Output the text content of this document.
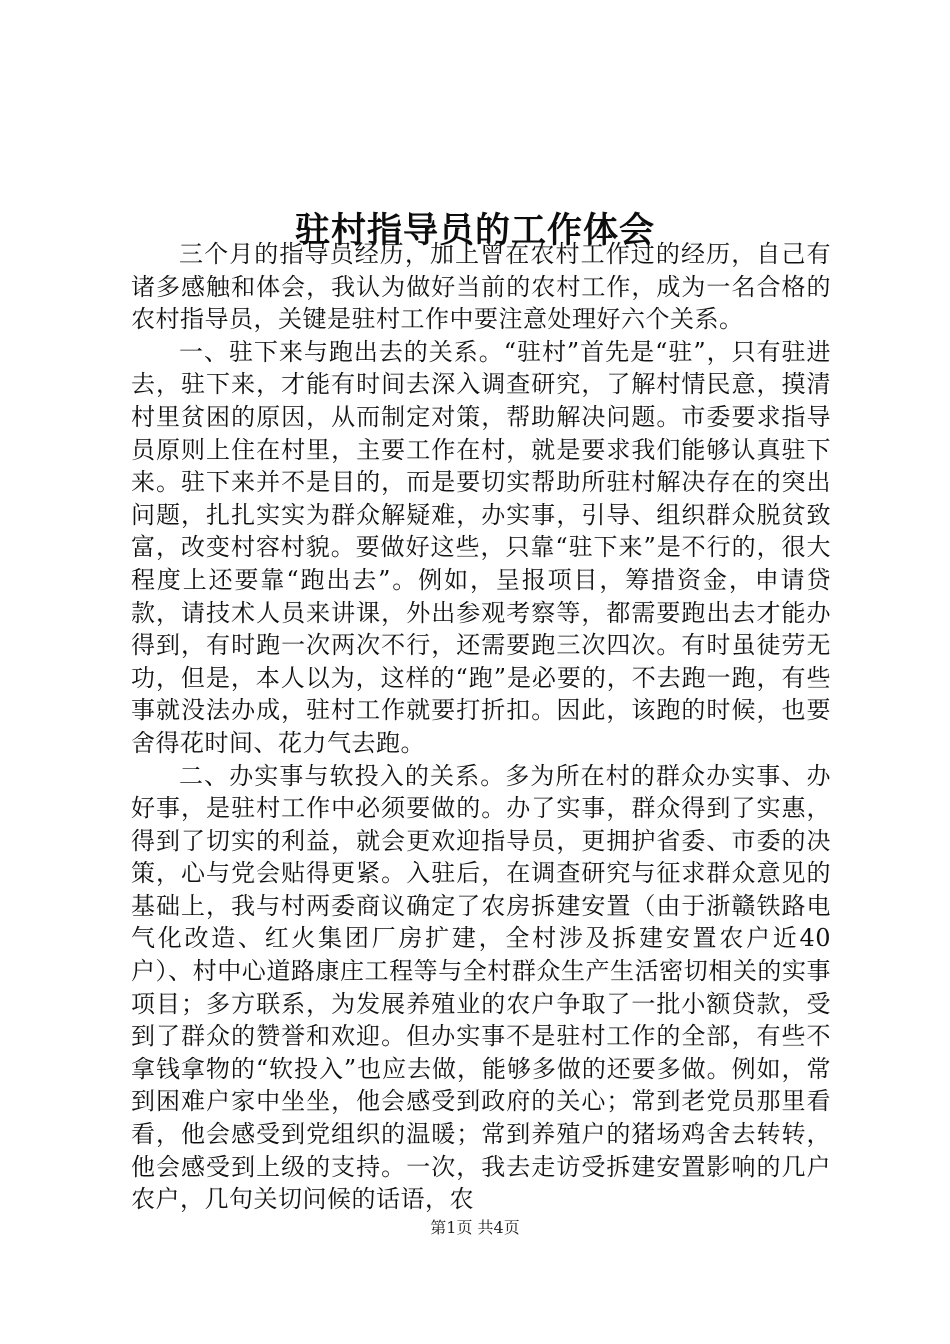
驻村指导员的工作体会

三个月的指导员经历，加上曾在农村工作过的经历，自己有诸多感触和体会，我认为做好当前的农村工作，成为一名合格的农村指导员，关键是驻村工作中要注意处理好六个关系。

一、驻下来与跑出去的关系。“驻村”首先是“驻”，只有驻进去，驻下来，才能有时间去深入调查研究，了解村情民意，摸清村里贫困的原因，从而制定对策，帮助解决问题。市委要求指导员原则上住在村里，主要工作在村，就是要求我们能够认真驻下来。驻下来并不是目的，而是要切实帮助所驻村解决存在的突出问题，扎扎实实为群众解疑难，办实事，引导、组织群众脱贫致富，改变村容村貌。要做好这些，只靠“驻下来”是不行的，很大程度上还要靠“跑出去”。例如，呈报项目，筹措资金，申请贷款，请技术人员来讲课，外出参观考察等，都需要跑出去才能办得到，有时跑一次两次不行，还需要跑三次四次。有时虽徒劳无功，但是，本人以为，这样的“跑”是必要的，不去跑一跑，有些事就没法办成，驻村工作就要打折扣。因此，该跑的时候，也要舍得花时间、花力气去跑。

二、办实事与软投入的关系。多为所在村的群众办实事、办好事，是驻村工作中必须要做的。办了实事，群众得到了实惠，得到了切实的利益，就会更欢迎指导员，更拥护省委、市委的决策，心与党会贴得更紧。入驻后，在调查研究与征求群众意见的基础上，我与村两委商议确定了农房拆建安置（由于浙赣铁路电气化改造、红火集团厂房扩建，全村涉及拆建安置农户近40户）、村中心道路康庄工程等与全村群众生产生活密切相关的实事项目；多方联系，为发展养殖业的农户争取了一批小额贷款，受到了群众的赞誉和欢迎。但办实事不是驻村工作的全部，有些不拿钱拿物的“软投入”也应去做，能够多做的还要多做。例如，常到困难户家中坐坐，他会感受到政府的关心；常到老党员那里看看，他会感受到党组织的温暖；常到养殖户的猪场鸡舍去转转，他会感受到上级的支持。一次，我去走访受拆建安置影响的几户农户，几句关切问候的话语，农

第1页 共4页
